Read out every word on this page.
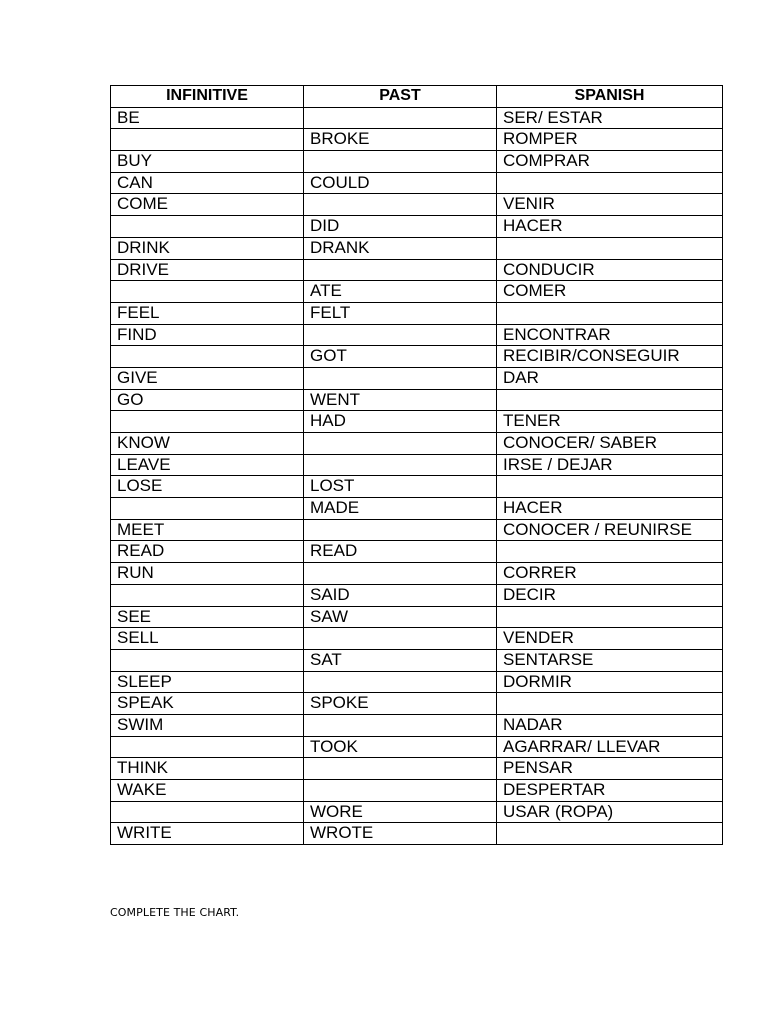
INFINITIVE	PAST	SPANISH
BE		SER/ ESTAR
	BROKE	ROMPER
BUY		COMPRAR
CAN	COULD	
COME		VENIR
	DID	HACER
DRINK	DRANK	
DRIVE		CONDUCIR
	ATE	COMER
FEEL	FELT	
FIND		ENCONTRAR
	GOT	RECIBIR/CONSEGUIR
GIVE		DAR
GO	WENT	
	HAD	TENER
KNOW		CONOCER/ SABER
LEAVE		IRSE / DEJAR
LOSE	LOST	
	MADE	HACER
MEET		CONOCER / REUNIRSE
READ	READ	
RUN		CORRER
	SAID	DECIR
SEE	SAW	
SELL		VENDER
	SAT	SENTARSE
SLEEP		DORMIR
SPEAK	SPOKE	
SWIM		NADAR
	TOOK	AGARRAR/ LLEVAR
THINK		PENSAR
WAKE		DESPERTAR
	WORE	USAR (ROPA)
WRITE	WROTE	
COMPLETE THE CHART.
